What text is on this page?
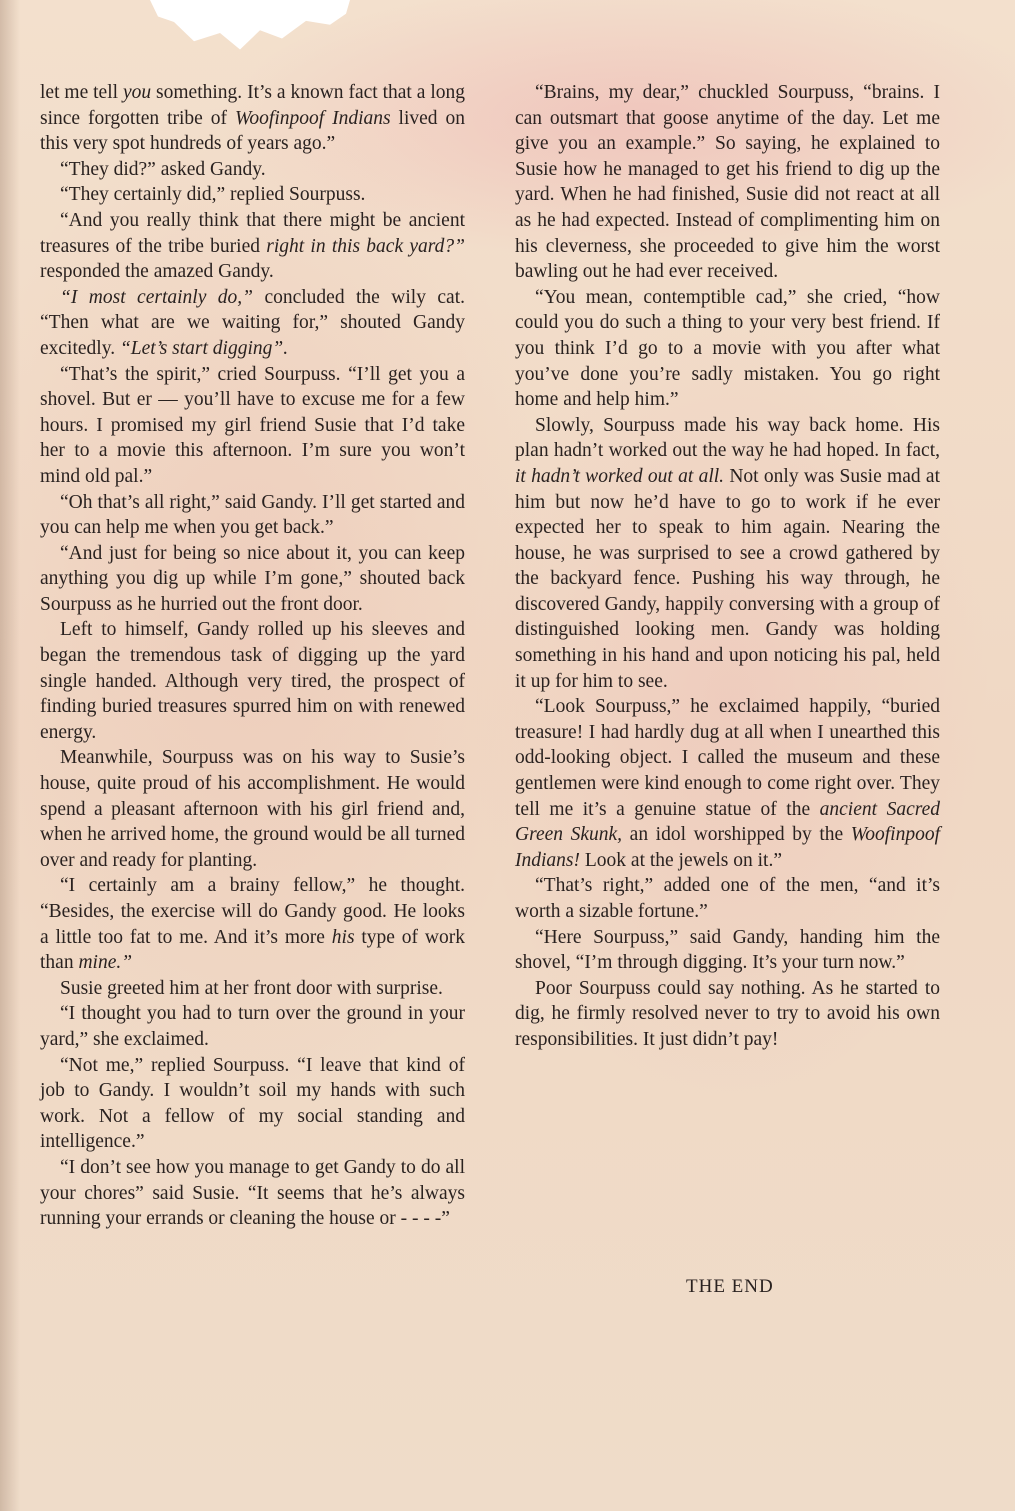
let me tell you something. It’s a known fact that a long since forgotten tribe of Woofinpoof Indians lived on this very spot hundreds of years ago.”

“They did?” asked Gandy.

“They certainly did,” replied Sourpuss.

“And you really think that there might be ancient treasures of the tribe buried right in this back yard?” responded the amazed Gandy.

“I most certainly do,” concluded the wily cat. “Then what are we waiting for,” shouted Gandy excitedly. “Let’s start digging”.

“That’s the spirit,” cried Sourpuss. “I’ll get you a shovel. But er — you’ll have to excuse me for a few hours. I promised my girl friend Susie that I’d take her to a movie this afternoon. I’m sure you won’t mind old pal.”

“Oh that’s all right,” said Gandy. I’ll get started and you can help me when you get back.”

“And just for being so nice about it, you can keep anything you dig up while I’m gone,” shouted back Sourpuss as he hurried out the front door.

Left to himself, Gandy rolled up his sleeves and began the tremendous task of digging up the yard single handed. Although very tired, the prospect of finding buried treasures spurred him on with renewed energy.

Meanwhile, Sourpuss was on his way to Susie’s house, quite proud of his accomplishment. He would spend a pleasant afternoon with his girl friend and, when he arrived home, the ground would be all turned over and ready for planting.

“I certainly am a brainy fellow,” he thought. “Besides, the exercise will do Gandy good. He looks a little too fat to me. And it’s more his type of work than mine.”

Susie greeted him at her front door with surprise.

“I thought you had to turn over the ground in your yard,” she exclaimed.

“Not me,” replied Sourpuss. “I leave that kind of job to Gandy. I wouldn’t soil my hands with such work. Not a fellow of my social standing and intelligence.”

“I don’t see how you manage to get Gandy to do all your chores” said Susie. “It seems that he’s always running your errands or cleaning the house or - - - -”

“Brains, my dear,” chuckled Sourpuss, “brains. I can outsmart that goose anytime of the day. Let me give you an example.” So saying, he explained to Susie how he managed to get his friend to dig up the yard. When he had finished, Susie did not react at all as he had expected. Instead of complimenting him on his cleverness, she proceeded to give him the worst bawling out he had ever received.

“You mean, contemptible cad,” she cried, “how could you do such a thing to your very best friend. If you think I’d go to a movie with you after what you’ve done you’re sadly mistaken. You go right home and help him.”

Slowly, Sourpuss made his way back home. His plan hadn’t worked out the way he had hoped. In fact, it hadn’t worked out at all. Not only was Susie mad at him but now he’d have to go to work if he ever expected her to speak to him again. Nearing the house, he was surprised to see a crowd gathered by the backyard fence. Pushing his way through, he discovered Gandy, happily conversing with a group of distinguished looking men. Gandy was holding something in his hand and upon noticing his pal, held it up for him to see.

“Look Sourpuss,” he exclaimed happily, “buried treasure! I had hardly dug at all when I unearthed this odd-looking object. I called the museum and these gentlemen were kind enough to come right over. They tell me it’s a genuine statue of the ancient Sacred Green Skunk, an idol worshipped by the Woofinpoof Indians! Look at the jewels on it.”

“That’s right,” added one of the men, “and it’s worth a sizable fortune.”

“Here Sourpuss,” said Gandy, handing him the shovel, “I’m through digging. It’s your turn now.”

Poor Sourpuss could say nothing. As he started to dig, he firmly resolved never to try to avoid his own responsibilities. It just didn’t pay!

THE END
